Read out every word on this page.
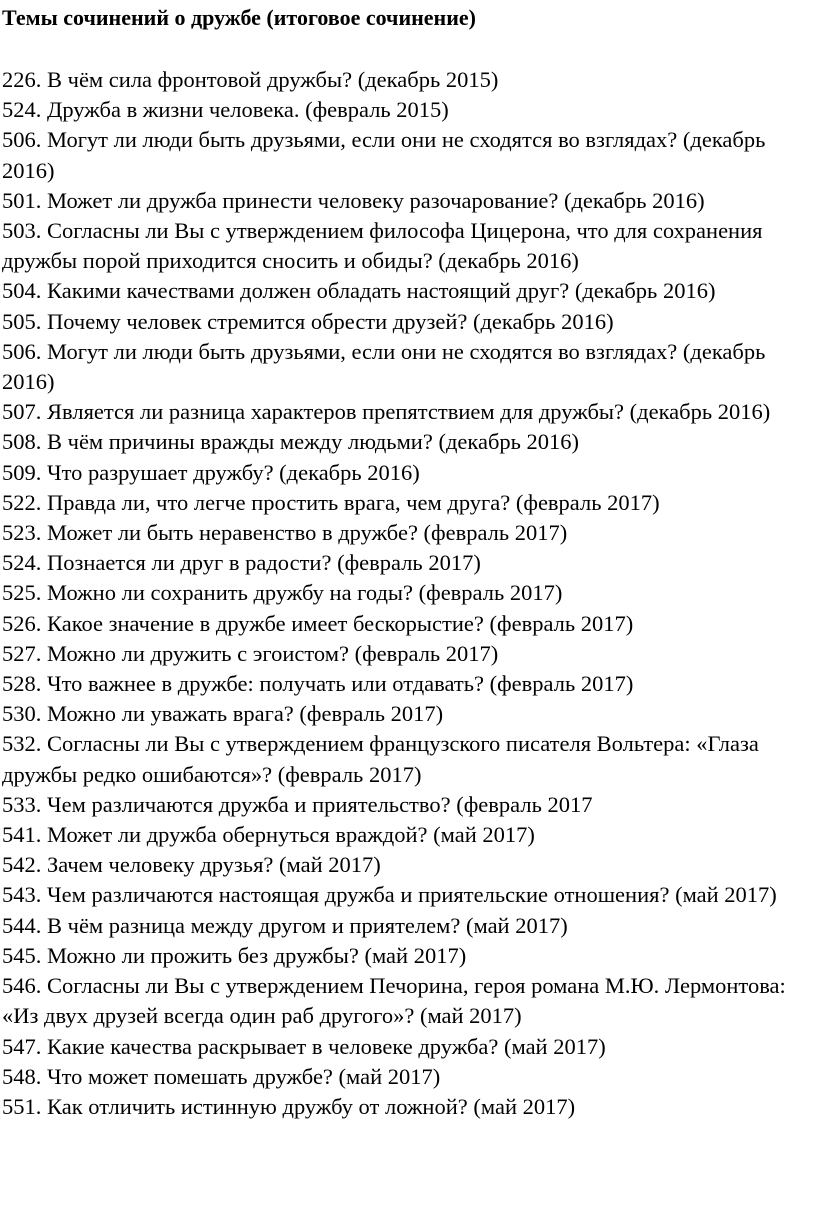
Темы сочинений о дружбе (итоговое сочинение)

226. В чём сила фронтовой дружбы? (декабрь 2015)

524. Дружба в жизни человека. (февраль 2015)

506. Могут ли люди быть друзьями, если они не сходятся во взглядах? (декабрь 2016)

501. Может ли дружба принести человеку разочарование? (декабрь 2016)

503. Согласны ли Вы с утверждением философа Цицерона, что для сохранения дружбы порой приходится сносить и обиды? (декабрь 2016)

504. Какими качествами должен обладать настоящий друг? (декабрь 2016)

505. Почему человек стремится обрести друзей? (декабрь 2016)

506. Могут ли люди быть друзьями, если они не сходятся во взглядах? (декабрь 2016)

507. Является ли разница характеров препятствием для дружбы? (декабрь 2016)

508. В чём причины вражды между людьми? (декабрь 2016)

509. Что разрушает дружбу? (декабрь 2016)

522. Правда ли, что легче простить врага, чем друга? (февраль 2017)

523. Может ли быть неравенство в дружбе? (февраль 2017)

524. Познается ли друг в радости? (февраль 2017)

525. Можно ли сохранить дружбу на годы? (февраль 2017)

526. Какое значение в дружбе имеет бескорыстие? (февраль 2017)

527. Можно ли дружить с эгоистом? (февраль 2017)

528. Что важнее в дружбе: получать или отдавать? (февраль 2017)

530. Можно ли уважать врага? (февраль 2017)

532. Согласны ли Вы с утверждением французского писателя Вольтера: «Глаза дружбы редко ошибаются»? (февраль 2017)

533. Чем различаются дружба и приятельство? (февраль 2017

541. Может ли дружба обернуться враждой? (май 2017)

542. Зачем человеку друзья? (май 2017)

543. Чем различаются настоящая дружба и приятельские отношения? (май 2017)

544. В чём разница между другом и приятелем? (май 2017)

545. Можно ли прожить без дружбы? (май 2017)

546. Согласны ли Вы с утверждением Печорина, героя романа М.Ю. Лермонтова: «Из двух друзей всегда один раб другого»? (май 2017)

547. Какие качества раскрывает в человеке дружба? (май 2017)

548. Что может помешать дружбе? (май 2017)

551. Как отличить истинную дружбу от ложной? (май 2017)
